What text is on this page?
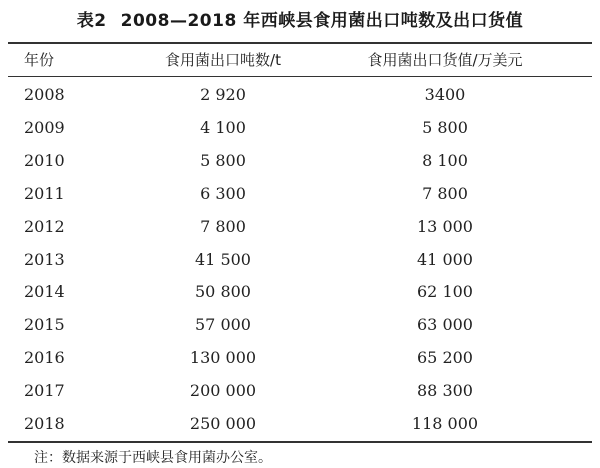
表2 2008—2018 年西峡县食用菌出口吨数及出口货值
年份	食用菌出口吨数/t	食用菌出口货值/万美元
2008	2 920	3400
2009	4 100	5 800
2010	5 800	8 100
2011	6 300	7 800
2012	7 800	13 000
2013	41 500	41 000
2014	50 800	62 100
2015	57 000	63 000
2016	130 000	65 200
2017	200 000	88 300
2018	250 000	118 000
注：数据来源于西峡县食用菌办公室。
